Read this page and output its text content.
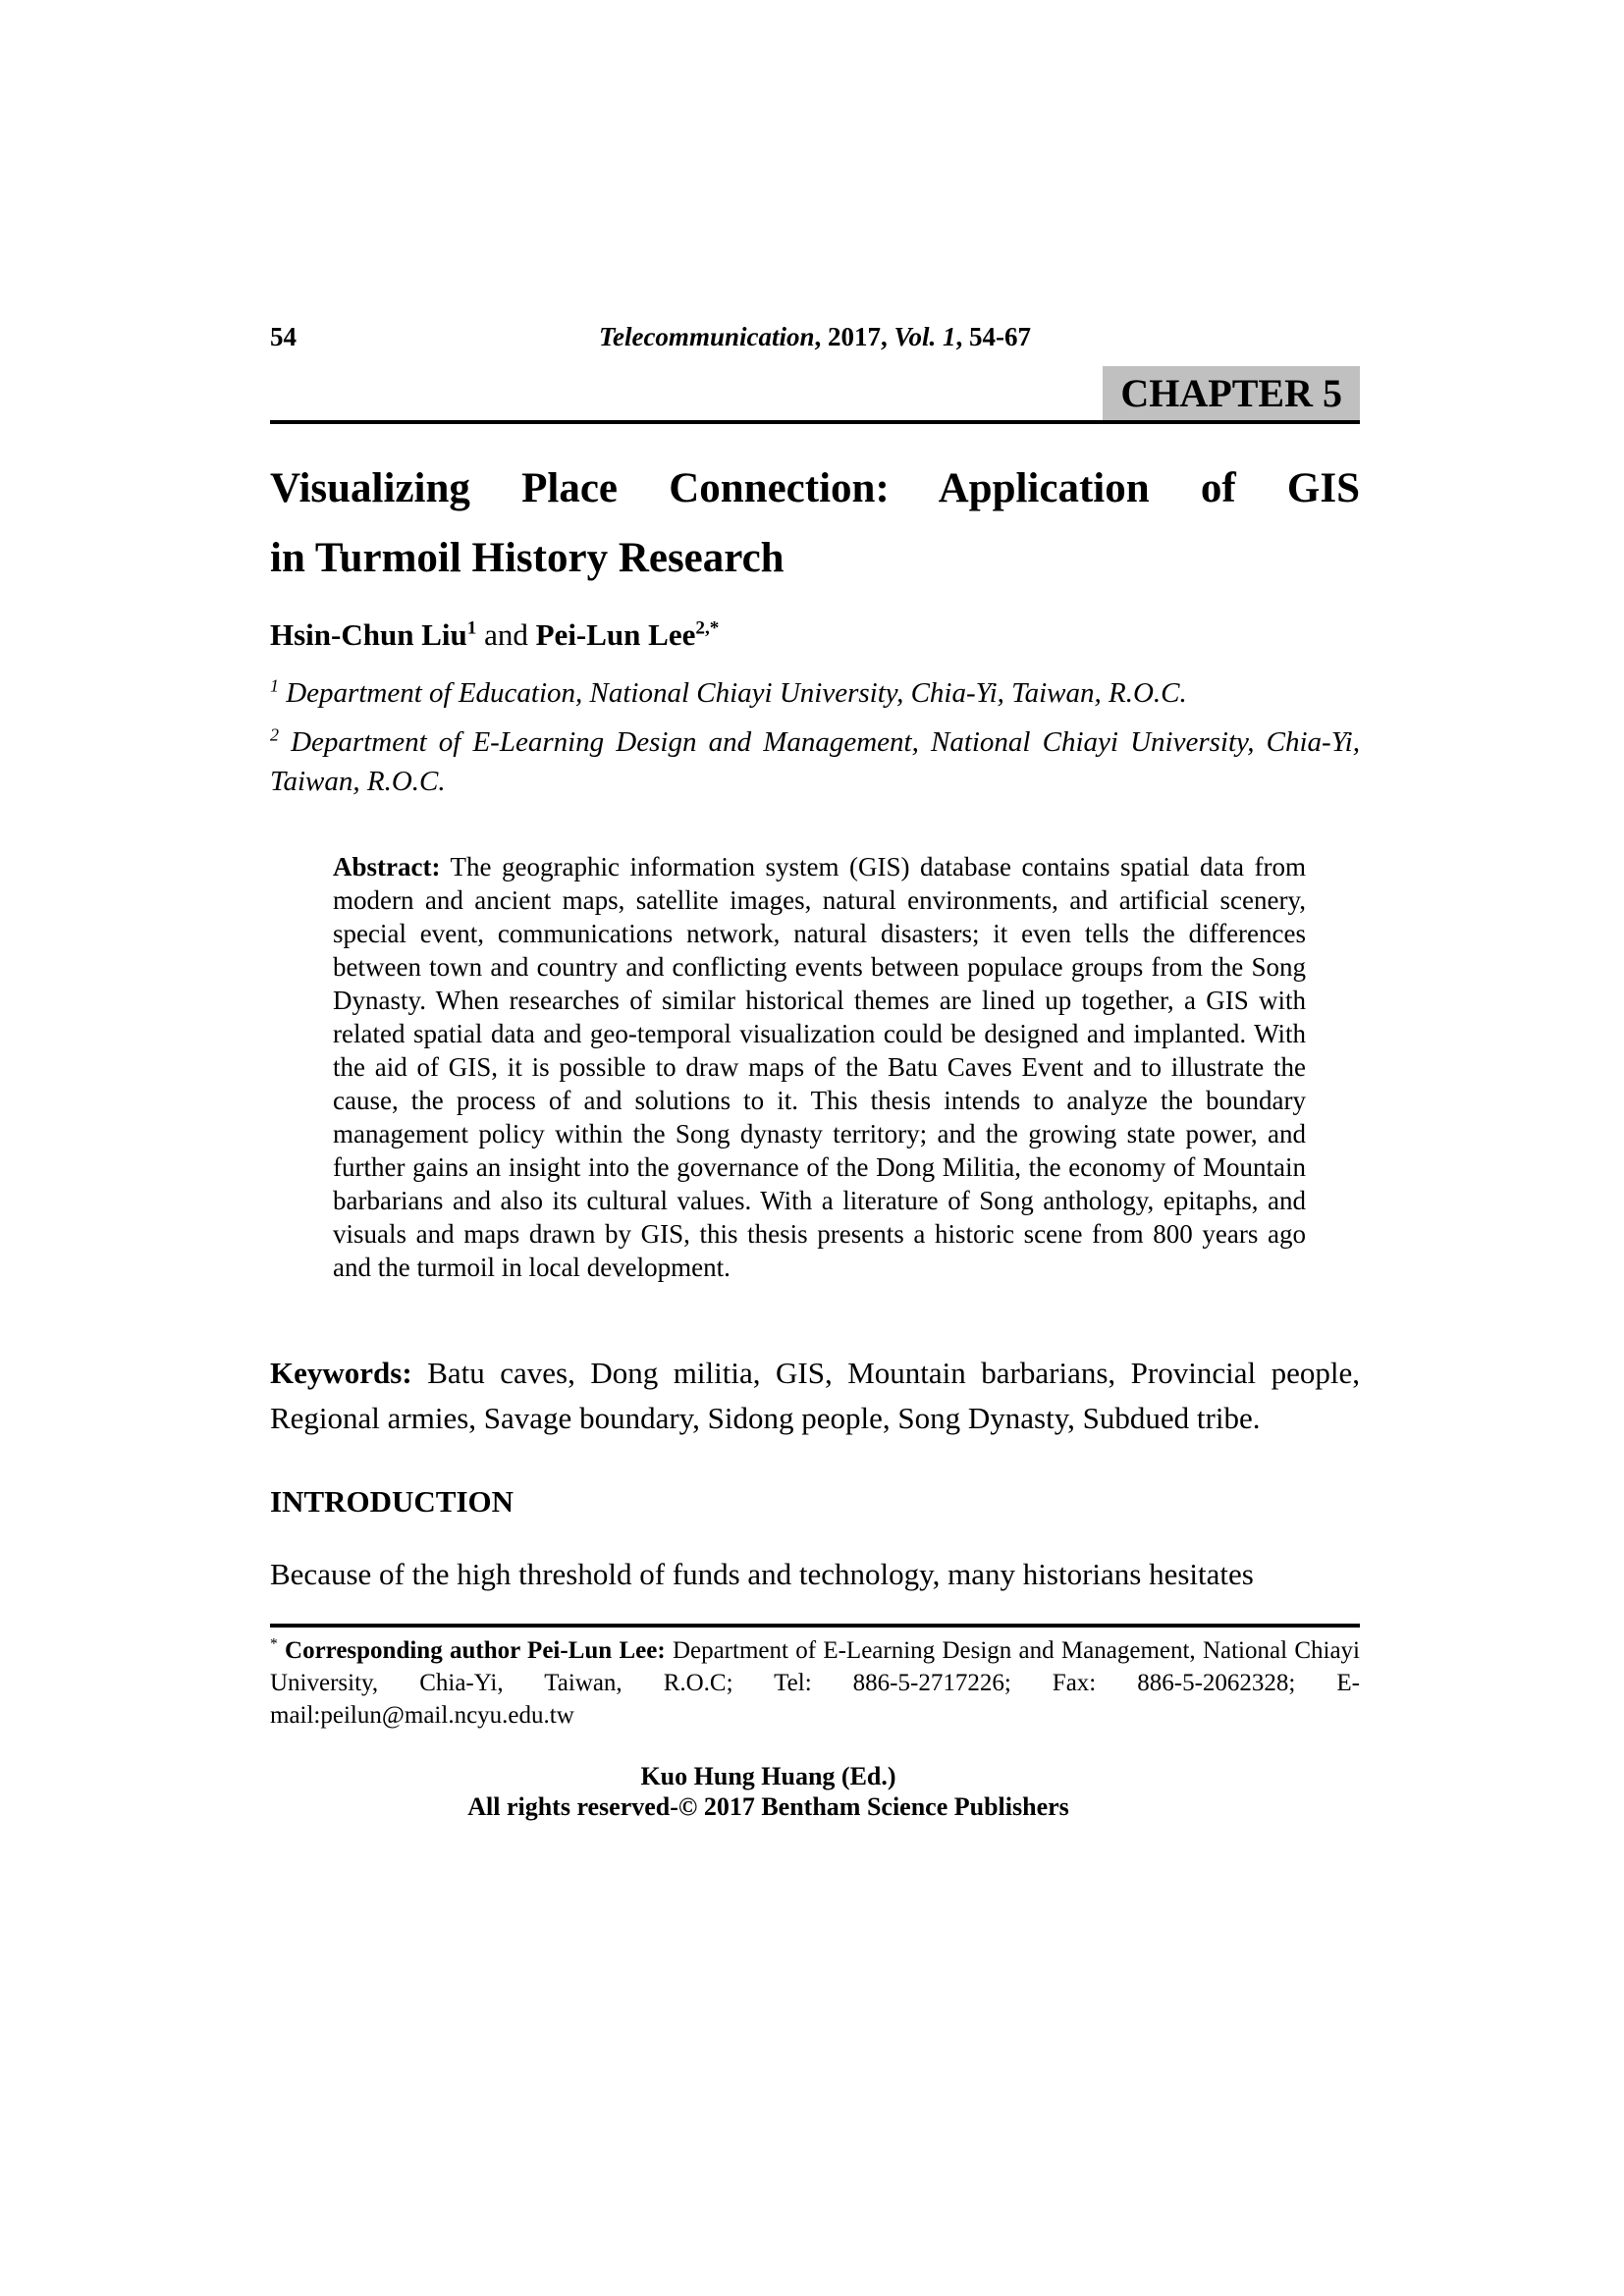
54	Telecommunication, 2017, Vol. 1, 54-67
CHAPTER 5
Visualizing Place Connection: Application of GIS
in Turmoil History Research
Hsin-Chun Liu$^1$ and Pei-Lun Lee$^{2,*}$

$^1$ Department of Education, National Chiayi University, Chia-Yi, Taiwan, R.O.C.

$^2$ Department of E-Learning Design and Management, National Chiayi University, Chia-Yi, Taiwan, R.O.C.

Abstract: The geographic information system (GIS) database contains spatial data from modern and ancient maps, satellite images, natural environments, and artificial scenery, special event, communications network, natural disasters; it even tells the differences between town and country and conflicting events between populace groups from the Song Dynasty. When researches of similar historical themes are lined up together, a GIS with related spatial data and geo-temporal visualization could be designed and implanted. With the aid of GIS, it is possible to draw maps of the Batu Caves Event and to illustrate the cause, the process of and solutions to it. This thesis intends to analyze the boundary management policy within the Song dynasty territory; and the growing state power, and further gains an insight into the governance of the Dong Militia, the economy of Mountain barbarians and also its cultural values. With a literature of Song anthology, epitaphs, and visuals and maps drawn by GIS, this thesis presents a historic scene from 800 years ago and the turmoil in local development.

Keywords: Batu caves, Dong militia, GIS, Mountain barbarians, Provincial people, Regional armies, Savage boundary, Sidong people, Song Dynasty, Subdued tribe.

INTRODUCTION

Because of the high threshold of funds and technology, many historians hesitates

* Corresponding author Pei-Lun Lee: Department of E-Learning Design and Management, National Chiayi University, Chia-Yi, Taiwan, R.O.C; Tel: 886-5-2717226; Fax: 886-5-2062328; E-mail:peilun@mail.ncyu.edu.tw

Kuo Hung Huang (Ed.)
All rights reserved-© 2017 Bentham Science Publishers
